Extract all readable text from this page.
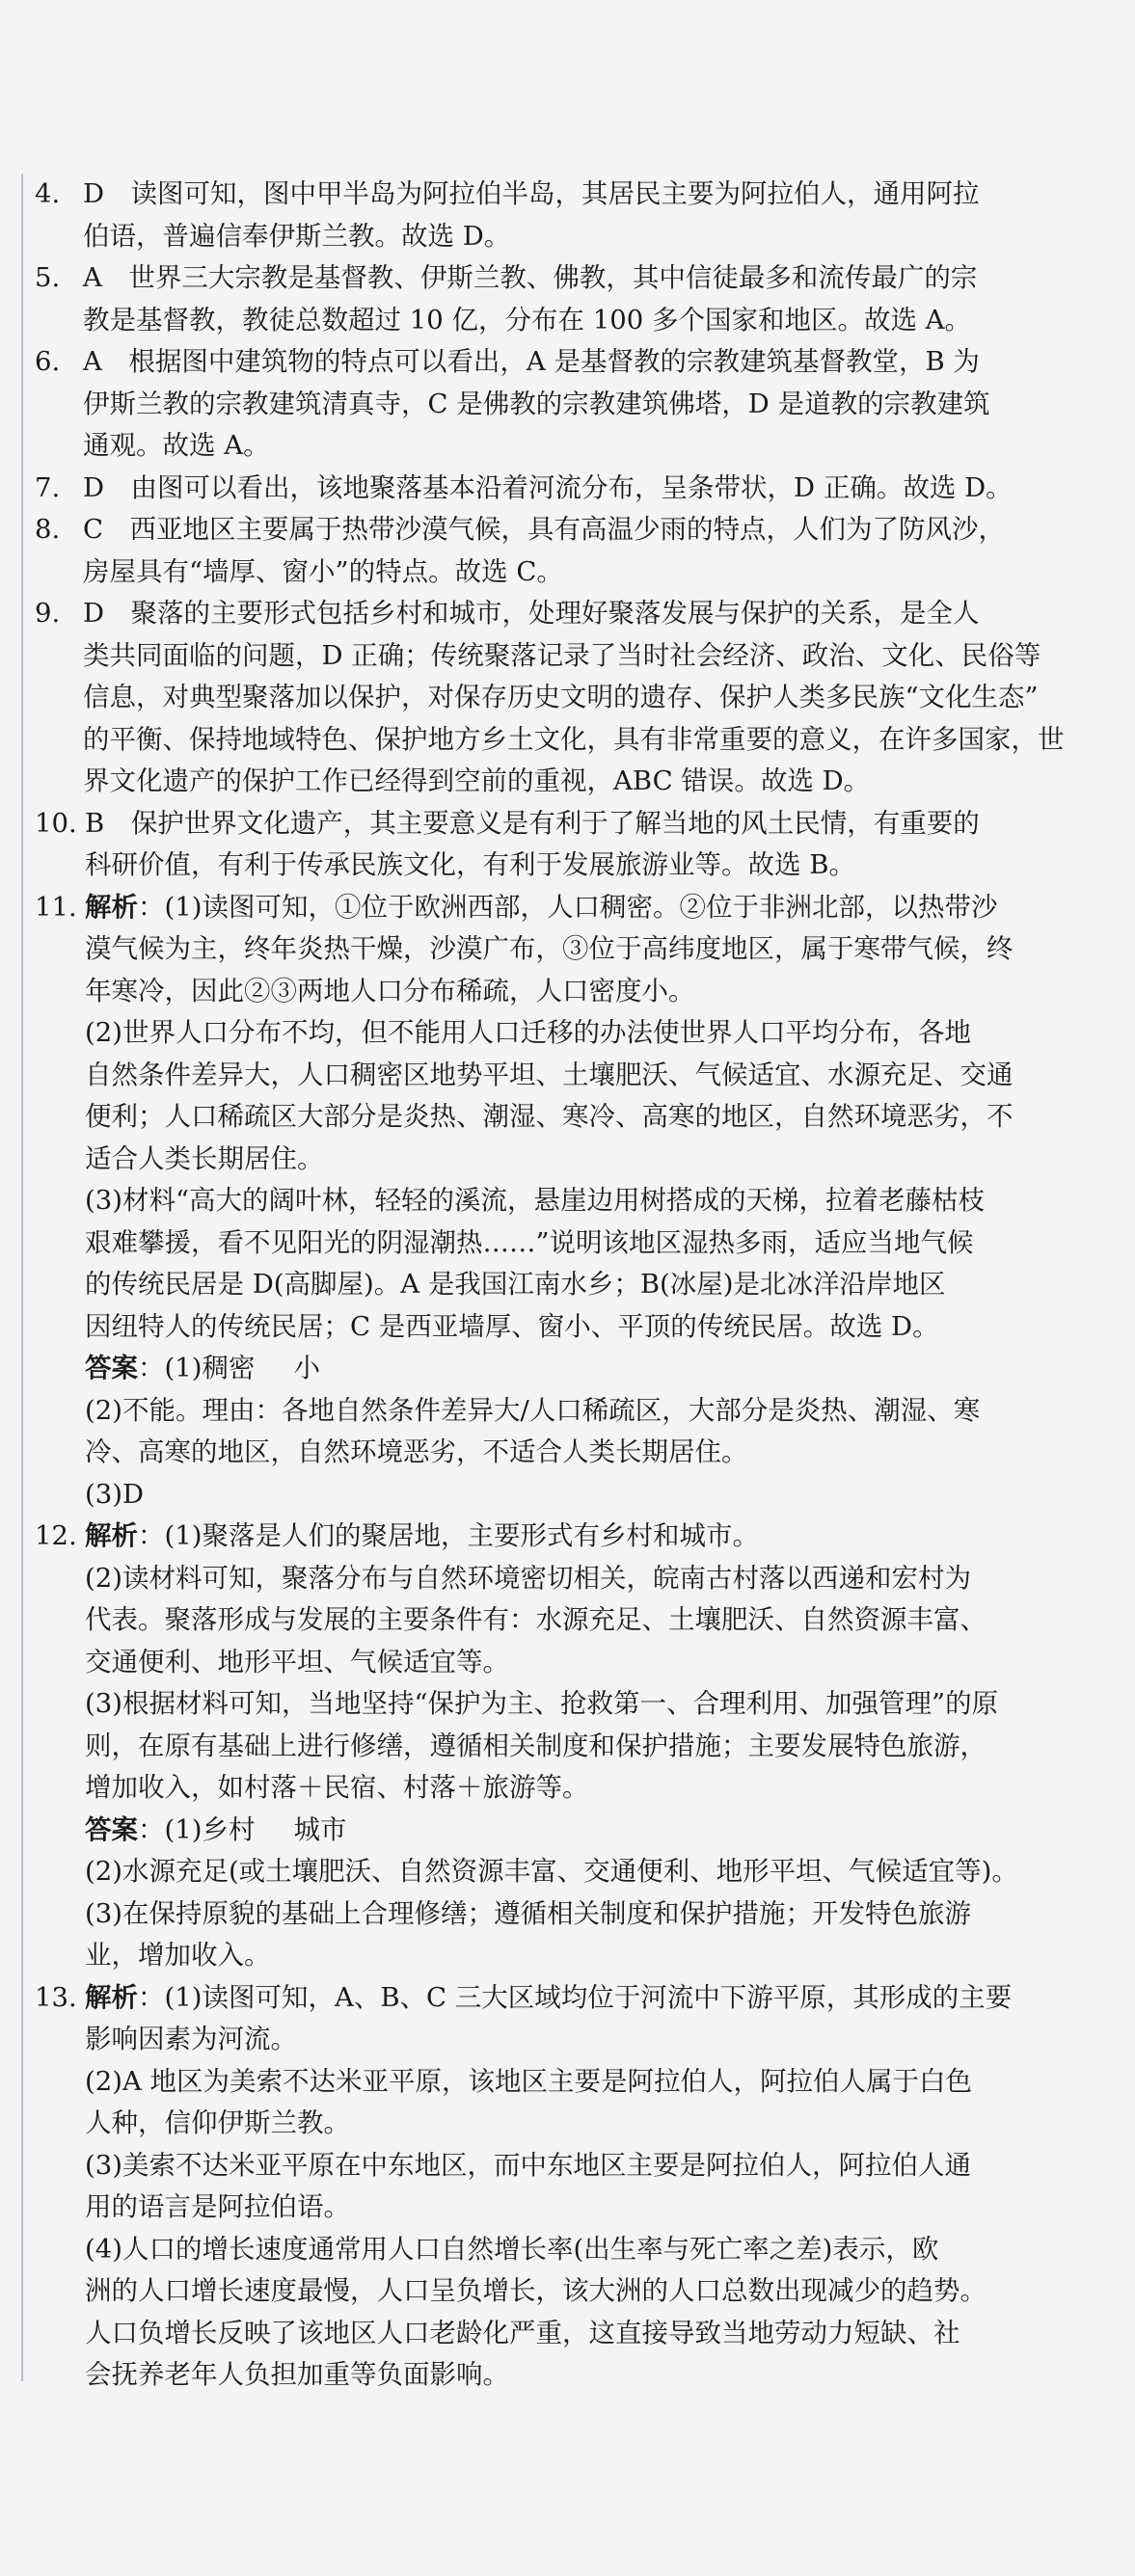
4. D　读图可知，图中甲半岛为阿拉伯半岛，其居民主要为阿拉伯人，通用阿拉
伯语，普遍信奉伊斯兰教。故选 D。
5. A　世界三大宗教是基督教、伊斯兰教、佛教，其中信徒最多和流传最广的宗
教是基督教，教徒总数超过 10 亿，分布在 100 多个国家和地区。故选 A。
6. A　根据图中建筑物的特点可以看出，A 是基督教的宗教建筑基督教堂，B 为
伊斯兰教的宗教建筑清真寺，C 是佛教的宗教建筑佛塔，D 是道教的宗教建筑
通观。故选 A。
7. D　由图可以看出，该地聚落基本沿着河流分布，呈条带状，D 正确。故选 D。
8. C　西亚地区主要属于热带沙漠气候，具有高温少雨的特点，人们为了防风沙，
房屋具有“墙厚、窗小”的特点。故选 C。
9. D　聚落的主要形式包括乡村和城市，处理好聚落发展与保护的关系，是全人
类共同面临的问题，D 正确；传统聚落记录了当时社会经济、政治、文化、民俗等
信息，对典型聚落加以保护，对保存历史文明的遗存、保护人类多民族“文化生态”
的平衡、保持地域特色、保护地方乡土文化，具有非常重要的意义，在许多国家，世
界文化遗产的保护工作已经得到空前的重视，ABC 错误。故选 D。
10. B　保护世界文化遗产，其主要意义是有利于了解当地的风土民情，有重要的
科研价值，有利于传承民族文化，有利于发展旅游业等。故选 B。
11. 解析：(1)读图可知，①位于欧洲西部，人口稠密。②位于非洲北部，以热带沙
漠气候为主，终年炎热干燥，沙漠广布，③位于高纬度地区，属于寒带气候，终
年寒冷，因此②③两地人口分布稀疏，人口密度小。
(2)世界人口分布不均，但不能用人口迁移的办法使世界人口平均分布，各地
自然条件差异大，人口稠密区地势平坦、土壤肥沃、气候适宜、水源充足、交通
便利；人口稀疏区大部分是炎热、潮湿、寒冷、高寒的地区，自然环境恶劣，不
适合人类长期居住。
(3)材料“高大的阔叶林，轻轻的溪流，悬崖边用树搭成的天梯，拉着老藤枯枝
艰难攀援，看不见阳光的阴湿潮热……”说明该地区湿热多雨，适应当地气候
的传统民居是 D(高脚屋)。A 是我国江南水乡；B(冰屋)是北冰洋沿岸地区
因纽特人的传统民居；C 是西亚墙厚、窗小、平顶的传统民居。故选 D。
答案：(1)稠密 小
(2)不能。理由：各地自然条件差异大/人口稀疏区，大部分是炎热、潮湿、寒
冷、高寒的地区，自然环境恶劣，不适合人类长期居住。
(3)D
12. 解析：(1)聚落是人们的聚居地，主要形式有乡村和城市。
(2)读材料可知，聚落分布与自然环境密切相关，皖南古村落以西递和宏村为
代表。聚落形成与发展的主要条件有：水源充足、土壤肥沃、自然资源丰富、
交通便利、地形平坦、气候适宜等。
(3)根据材料可知，当地坚持“保护为主、抢救第一、合理利用、加强管理”的原
则，在原有基础上进行修缮，遵循相关制度和保护措施；主要发展特色旅游，
增加收入，如村落＋民宿、村落＋旅游等。
答案：(1)乡村 城市
(2)水源充足(或土壤肥沃、自然资源丰富、交通便利、地形平坦、气候适宜等)。
(3)在保持原貌的基础上合理修缮；遵循相关制度和保护措施；开发特色旅游
业，增加收入。
13. 解析：(1)读图可知，A、B、C 三大区域均位于河流中下游平原，其形成的主要
影响因素为河流。
(2)A 地区为美索不达米亚平原，该地区主要是阿拉伯人，阿拉伯人属于白色
人种，信仰伊斯兰教。
(3)美索不达米亚平原在中东地区，而中东地区主要是阿拉伯人，阿拉伯人通
用的语言是阿拉伯语。
(4)人口的增长速度通常用人口自然增长率(出生率与死亡率之差)表示，欧
洲的人口增长速度最慢，人口呈负增长，该大洲的人口总数出现减少的趋势。
人口负增长反映了该地区人口老龄化严重，这直接导致当地劳动力短缺、社
会抚养老年人负担加重等负面影响。
